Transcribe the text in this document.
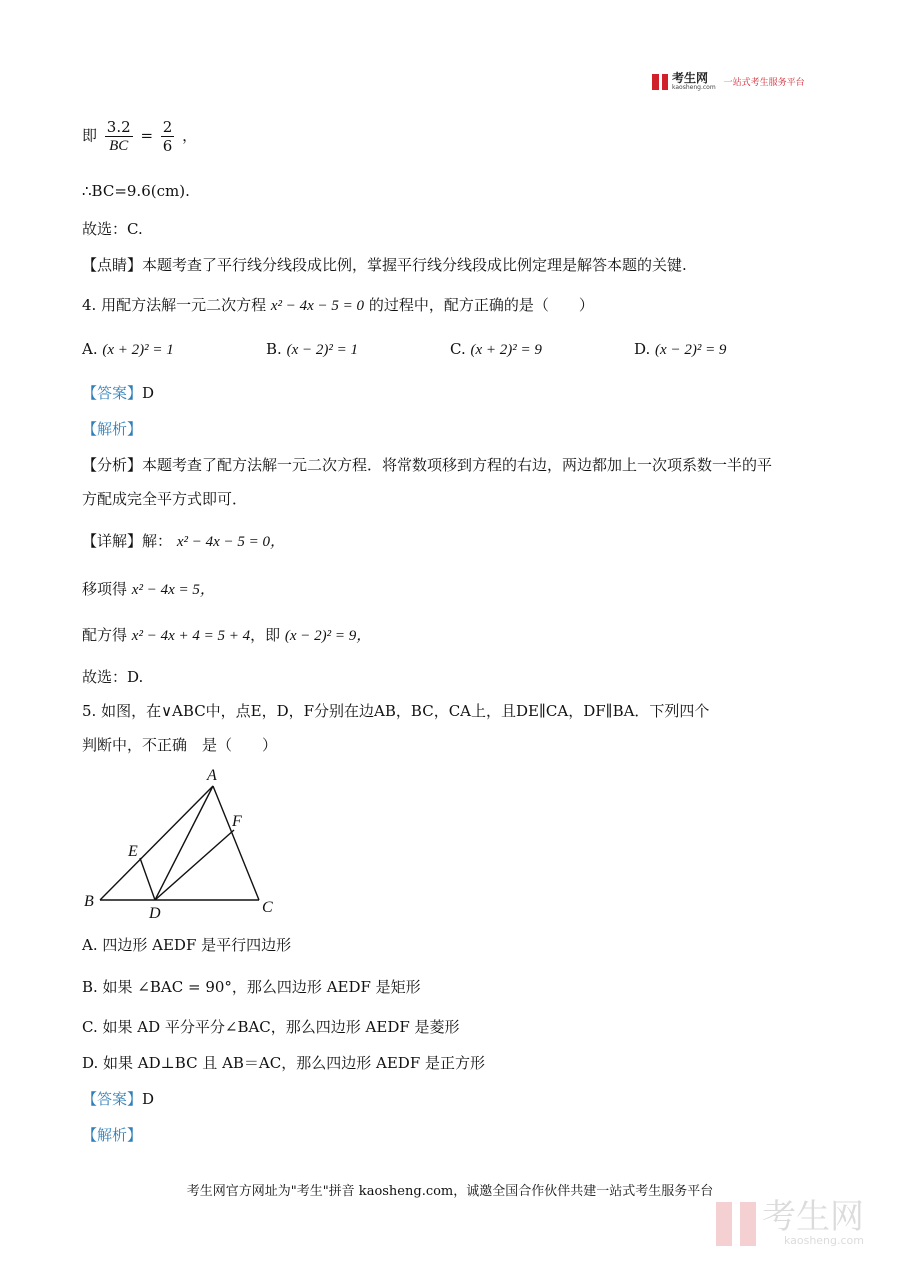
考生网
kaosheng.com 一站式考生服务平台
即 $\frac{3.2}{BC} = \frac{2}{6}$ ，
∴BC=9.6(cm).
故选：C.
【点睛】本题考查了平行线分线段成比例，掌握平行线分线段成比例定理是解答本题的关键.
4. 用配方法解一元二次方程 x² − 4x − 5 = 0 的过程中，配方正确的是（　　）
A. (x + 2)² = 1	B. (x − 2)² = 1	C. (x + 2)² = 9	D. (x − 2)² = 9
【答案】D
【解析】
【分析】本题考查了配方法解一元二次方程．将常数项移到方程的右边，两边都加上一次项系数一半的平
方配成完全平方式即可．
【详解】解： x² − 4x − 5 = 0，
移项得 x² − 4x = 5，
配方得 x² − 4x + 4 = 5 + 4，即 (x − 2)² = 9，
故选：D.
5. 如图，在∨ABC中，点E，D，F分别在边AB，BC，CA上，且DE∥CA，DF∥BA．下列四个
判断中，不正确　是（　　）
A
B	C
D
E
F
A. 四边形 AEDF 是平行四边形
B. 如果 ∠BAC = 90°，那么四边形 AEDF 是矩形
C. 如果 AD 平分平分∠BAC，那么四边形 AEDF 是菱形
D. 如果 AD⊥BC 且 AB＝AC，那么四边形 AEDF 是正方形
【答案】D
【解析】
考生网官方网址为"考生"拼音 kaosheng.com，诚邀全国合作伙伴共建一站式考生服务平台
考生网
kaosheng.com
